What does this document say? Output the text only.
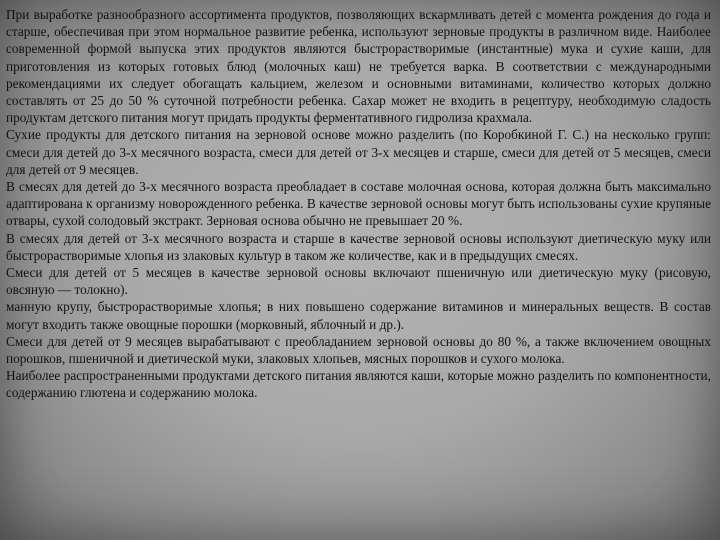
При выработке разнообразного ассортимента продуктов, позволяющих вскармливать детей с момента рождения до года и старше, обеспечивая при этом нормальное развитие ребенка, используют зерновые продукты в различном виде. Наиболее современной формой выпуска этих продуктов являются быстрорастворимые (инстантные) мука и сухие каши, для приготовления из которых готовых блюд (молочных каш) не требуется варка. В соответствии с международными рекомендациями их следует обогащать кальцием, железом и основными витаминами, количество которых должно составлять от 25 до 50 % суточной потребности ребенка. Сахар может не входить в рецептуру, необходимую сладость продуктам детского питания могут придать продукты ферментативного гидролиза крахмала.

Сухие продукты для детского питания на зерновой основе можно разделить (по Коробкиной Г. С.) на несколько групп: смеси для детей до 3-х месячного возраста, смеси для детей от 3-х месяцев и старше, смеси для детей от 5 месяцев, смеси для детей от 9 месяцев.

В смесях для детей до 3-х месячного возраста преобладает в составе молочная основа, которая должна быть максимально адаптирована к организму новорожденного ребенка. В качестве зерновой основы могут быть использованы сухие крупяные отвары, сухой солодовый экстракт. Зерновая основа обычно не превышает 20 %.

В смесях для детей от 3-х месячного возраста и старше в качестве зерновой основы используют диетическую муку или быстрорастворимые хлопья из злаковых культур в таком же количестве, как и в предыдущих смесях.

Смеси для детей от 5 месяцев в качестве зерновой основы включают пшеничную или диетическую муку (рисовую, овсяную — толокно).

манную крупу, быстрорастворимые хлопья; в них повышено содержание витаминов и минеральных веществ. В состав могут входить также овощные порошки (морковный, яблочный и др.).

Смеси для детей от 9 месяцев вырабатывают с преобладанием зерновой основы до 80 %, а также включением овощных порошков, пшеничной и диетической муки, злаковых хлопьев, мясных порошков и сухого молока.

Наиболее распространенными продуктами детского питания являются каши, которые можно разделить по компонентности, содержанию глютена и содержанию молока.
